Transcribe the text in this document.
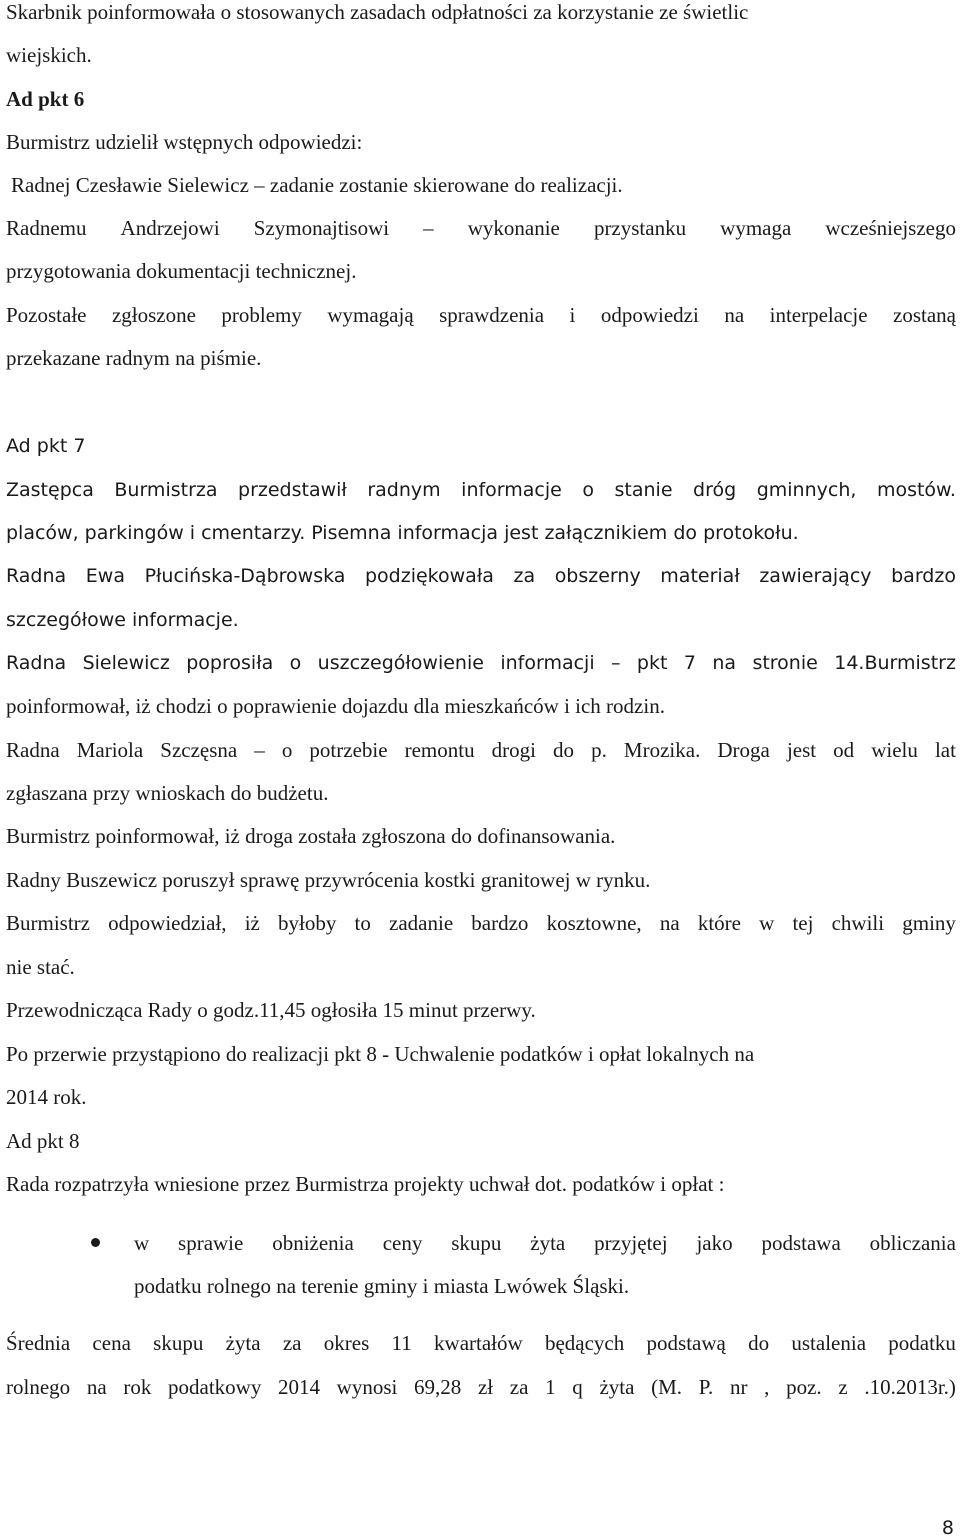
Skarbnik poinformowała o stosowanych zasadach odpłatności za korzystanie ze świetlic
wiejskich.
Ad pkt 6
Burmistrz udzielił wstępnych odpowiedzi:
Radnej Czesławie Sielewicz – zadanie zostanie skierowane do realizacji.
Radnemu Andrzejowi Szymonajtisowi – wykonanie przystanku wymaga wcześniejszego
przygotowania dokumentacji technicznej.
Pozostałe zgłoszone problemy wymagają sprawdzenia i odpowiedzi na interpelacje zostaną
przekazane radnym na piśmie.
Ad pkt 7
Zastępca Burmistrza przedstawił radnym informacje o stanie dróg gminnych, mostów.
placów, parkingów i cmentarzy. Pisemna informacja jest załącznikiem do protokołu.
Radna Ewa Płucińska-Dąbrowska podziękowała za obszerny materiał zawierający bardzo
szczegółowe informacje.
Radna Sielewicz poprosiła o uszczegółowienie informacji – pkt 7 na stronie 14.Burmistrz
poinformował, iż chodzi o poprawienie dojazdu dla mieszkańców i ich rodzin.
Radna Mariola Szczęsna – o potrzebie remontu drogi do p. Mrozika. Droga jest od wielu lat
zgłaszana przy wnioskach do budżetu.
Burmistrz poinformował, iż droga została zgłoszona do dofinansowania.
Radny Buszewicz poruszył sprawę przywrócenia kostki granitowej w rynku.
Burmistrz odpowiedział, iż byłoby to zadanie bardzo kosztowne, na które w tej chwili gminy
nie stać.
Przewodnicząca Rady o godz.11,45 ogłosiła 15 minut przerwy.
Po przerwie przystąpiono do realizacji pkt 8 - Uchwalenie podatków i opłat lokalnych na
2014 rok.
Ad pkt 8
Rada rozpatrzyła wniesione przez Burmistrza projekty uchwał dot. podatków i opłat :
w sprawie obniżenia ceny skupu żyta przyjętej jako podstawa obliczania
podatku rolnego na terenie gminy i miasta Lwówek Śląski.
Średnia cena skupu żyta za okres 11 kwartałów będących podstawą do ustalenia podatku
rolnego na rok podatkowy 2014 wynosi 69,28 zł za 1 q żyta (M. P. nr , poz. z .10.2013r.)
8
